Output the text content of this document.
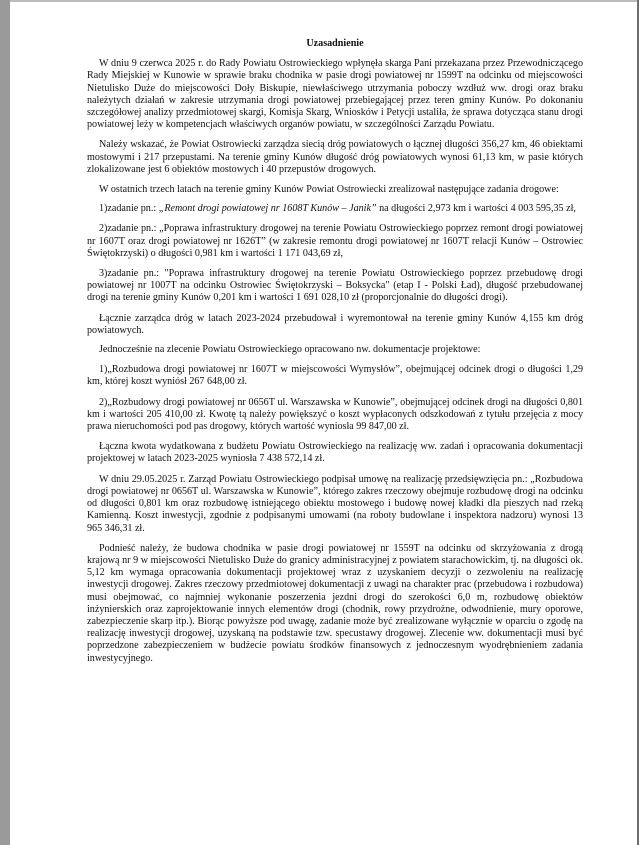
Uzasadnienie

W dniu 9 czerwca 2025 r. do Rady Powiatu Ostrowieckiego wpłynęła skarga Pani przekazana przez Przewodniczącego Rady Miejskiej w Kunowie w sprawie braku chodnika w pasie drogi powiatowej nr 1599T na odcinku od miejscowości Nietulisko Duże do miejscowości Doły Biskupie, niewłaściwego utrzymania poboczy wzdłuż ww. drogi oraz braku należytych działań w zakresie utrzymania drogi powiatowej przebiegającej przez teren gminy Kunów. Po dokonaniu szczegółowej analizy przedmiotowej skargi, Komisja Skarg, Wniosków i Petycji ustaliła, że sprawa dotycząca stanu drogi powiatowej leży w kompetencjach właściwych organów powiatu, w szczególności Zarządu Powiatu.

Należy wskazać, że Powiat Ostrowiecki zarządza siecią dróg powiatowych o łącznej długości 356,27 km, 46 obiektami mostowymi i 217 przepustami. Na terenie gminy Kunów długość dróg powiatowych wynosi 61,13 km, w pasie których zlokalizowane jest 6 obiektów mostowych i 40 przepustów drogowych.

W ostatnich trzech latach na terenie gminy Kunów Powiat Ostrowiecki zrealizował następujące zadania drogowe:

1)zadanie pn.: „Remont drogi powiatowej nr 1608T Kunów – Janik” na długości 2,973 km i wartości 4 003 595,35 zł,

2)zadanie pn.: „Poprawa infrastruktury drogowej na terenie Powiatu Ostrowieckiego poprzez remont drogi powiatowej nr 1607T oraz drogi powiatowej nr 1626T” (w zakresie remontu drogi powiatowej nr 1607T relacji Kunów – Ostrowiec Świętokrzyski) o długości 0,981 km i wartości 1 171 043,69 zł,

3)zadanie pn.: "Poprawa infrastruktury drogowej na terenie Powiatu Ostrowieckiego poprzez przebudowę drogi powiatowej nr 1007T na odcinku Ostrowiec Świętokrzyski – Boksycka" (etap I - Polski Ład), długość przebudowanej drogi na terenie gminy Kunów 0,201 km i wartości 1 691 028,10 zł (proporcjonalnie do długości drogi).

Łącznie zarządca dróg w latach 2023-2024 przebudował i wyremontował na terenie gminy Kunów 4,155 km dróg powiatowych.

Jednocześnie na zlecenie Powiatu Ostrowieckiego opracowano nw. dokumentacje projektowe:

1)„Rozbudowa drogi powiatowej nr 1607T w miejscowości Wymysłów”, obejmującej odcinek drogi o długości 1,29 km, której koszt wyniósł 267 648,00 zł.

2)„Rozbudowy drogi powiatowej nr 0656T ul. Warszawska w Kunowie”, obejmującej odcinek drogi na długości 0,801 km i wartości 205 410,00 zł. Kwotę tą należy powiększyć o koszt wypłaconych odszkodowań z tytułu przejęcia z mocy prawa nieruchomości pod pas drogowy, których wartość wyniosła 99 847,00 zł.

Łączna kwota wydatkowana z budżetu Powiatu Ostrowieckiego na realizację ww. zadań i opracowania dokumentacji projektowej w latach 2023-2025 wyniosła 7 438 572,14 zł.

W dniu 29.05.2025 r. Zarząd Powiatu Ostrowieckiego podpisał umowę na realizację przedsięwzięcia pn.: „Rozbudowa drogi powiatowej nr 0656T ul. Warszawska w Kunowie”, którego zakres rzeczowy obejmuje rozbudowę drogi na odcinku od długości 0,801 km oraz rozbudowę istniejącego obiektu mostowego i budowę nowej kładki dla pieszych nad rzeką Kamienną. Koszt inwestycji, zgodnie z podpisanymi umowami (na roboty budowlane i inspektora nadzoru) wynosi 13 965 346,31 zł.

Podnieść należy, że budowa chodnika w pasie drogi powiatowej nr 1559T na odcinku od skrzyżowania z drogą krajową nr 9 w miejscowości Nietulisko Duże do granicy administracyjnej z powiatem starachowickim, tj. na długości ok. 5,12 km wymaga opracowania dokumentacji projektowej wraz z uzyskaniem decyzji o zezwoleniu na realizację inwestycji drogowej. Zakres rzeczowy przedmiotowej dokumentacji z uwagi na charakter prac (przebudowa i rozbudowa) musi obejmować, co najmniej wykonanie poszerzenia jezdni drogi do szerokości 6,0 m, rozbudowę obiektów inżynierskich oraz zaprojektowanie innych elementów drogi (chodnik, rowy przydrożne, odwodnienie, mury oporowe, zabezpieczenie skarp itp.). Biorąc powyższe pod uwagę, zadanie może być zrealizowane wyłącznie w oparciu o zgodę na realizację inwestycji drogowej, uzyskaną na podstawie tzw. specustawy drogowej. Zlecenie ww. dokumentacji musi być poprzedzone zabezpieczeniem w budżecie powiatu środków finansowych z jednoczesnym wyodrębnieniem zadania inwestycyjnego.
